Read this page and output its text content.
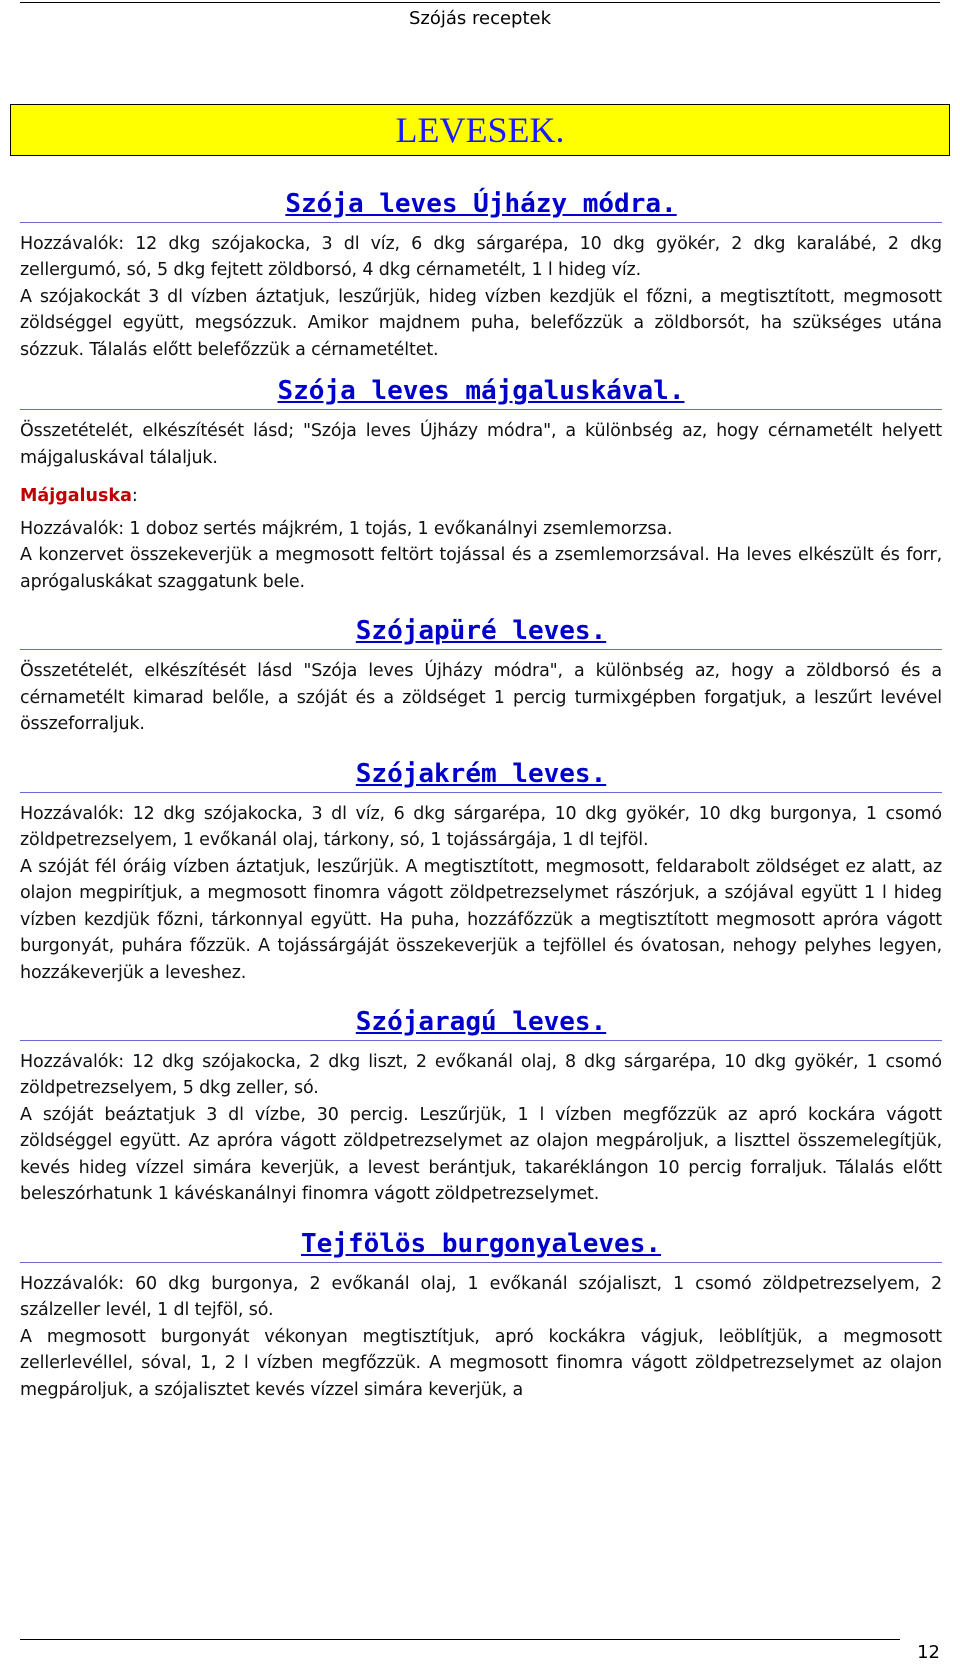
Szójás receptek
LEVESEK.
Szója leves Újházy módra.

Hozzávalók: 12 dkg szójakocka, 3 dl víz, 6 dkg sárgarépa, 10 dkg gyökér, 2 dkg karalábé, 2 dkg zellergumó, só, 5 dkg fejtett zöldborsó, 4 dkg cérnametélt, 1 l hideg víz.

A szójakockát 3 dl vízben áztatjuk, leszűrjük, hideg vízben kezdjük el főzni, a megtisztított, megmosott zöldséggel együtt, megsózzuk. Amikor majdnem puha, belefőzzük a zöldborsót, ha szükséges utána sózzuk. Tálalás előtt belefőzzük a cérnametéltet.

Szója leves májgaluskával.

Összetételét, elkészítését lásd; "Szója leves Újházy módra", a különbség az, hogy cérnametélt helyett májgaluskával tálaljuk.

Májgaluska:

Hozzávalók: 1 doboz sertés májkrém, 1 tojás, 1 evőkanálnyi zsemlemorzsa.

A konzervet összekeverjük a megmosott feltört tojással és a zsemlemorzsával. Ha leves elkészült és forr, aprógaluskákat szaggatunk bele.

Szójapüré leves.

Összetételét, elkészítését lásd "Szója leves Újházy módra", a különbség az, hogy a zöldborsó és a cérnametélt kimarad belőle, a szóját és a zöldséget 1 percig turmixgépben forgatjuk, a leszűrt levével összeforraljuk.

Szójakrém leves.

Hozzávalók: 12 dkg szójakocka, 3 dl víz, 6 dkg sárgarépa, 10 dkg gyökér, 10 dkg burgonya, 1 csomó zöldpetrezselyem, 1 evőkanál olaj, tárkony, só, 1 tojássárgája, 1 dl tejföl.

A szóját fél óráig vízben áztatjuk, leszűrjük. A megtisztított, megmosott, feldarabolt zöldséget ez alatt, az olajon megpirítjuk, a megmosott finomra vágott zöldpetrezselymet rászórjuk, a szójával együtt 1 l hideg vízben kezdjük főzni, tárkonnyal együtt. Ha puha, hozzáfőzzük a megtisztított megmosott apróra vágott burgonyát, puhára főzzük. A tojássárgáját összekeverjük a tejföllel és óvatosan, nehogy pelyhes legyen, hozzákeverjük a leveshez.

Szójaragú leves.

Hozzávalók: 12 dkg szójakocka, 2 dkg liszt, 2 evőkanál olaj, 8 dkg sárgarépa, 10 dkg gyökér, 1 csomó zöldpetrezselyem, 5 dkg zeller, só.

A szóját beáztatjuk 3 dl vízbe, 30 percig. Leszűrjük, 1 l vízben megfőzzük az apró kockára vágott zöldséggel együtt. Az apróra vágott zöldpetrezselymet az olajon megpároljuk, a liszttel összemelegítjük, kevés hideg vízzel simára keverjük, a levest berántjuk, takaréklángon 10 percig forraljuk. Tálalás előtt beleszórhatunk 1 kávéskanálnyi finomra vágott zöldpetrezselymet.

Tejfölös burgonyaleves.

Hozzávalók: 60 dkg burgonya, 2 evőkanál olaj, 1 evőkanál szójaliszt, 1 csomó zöldpetrezselyem, 2 szálzeller levél, 1 dl tejföl, só.

A megmosott burgonyát vékonyan megtisztítjuk, apró kockákra vágjuk, leöblítjük, a megmosott zellerlevéllel, sóval, 1, 2 l vízben megfőzzük. A megmosott finomra vágott zöldpetrezselymet az olajon megpároljuk, a szójalisztet kevés vízzel simára keverjük, a

12
